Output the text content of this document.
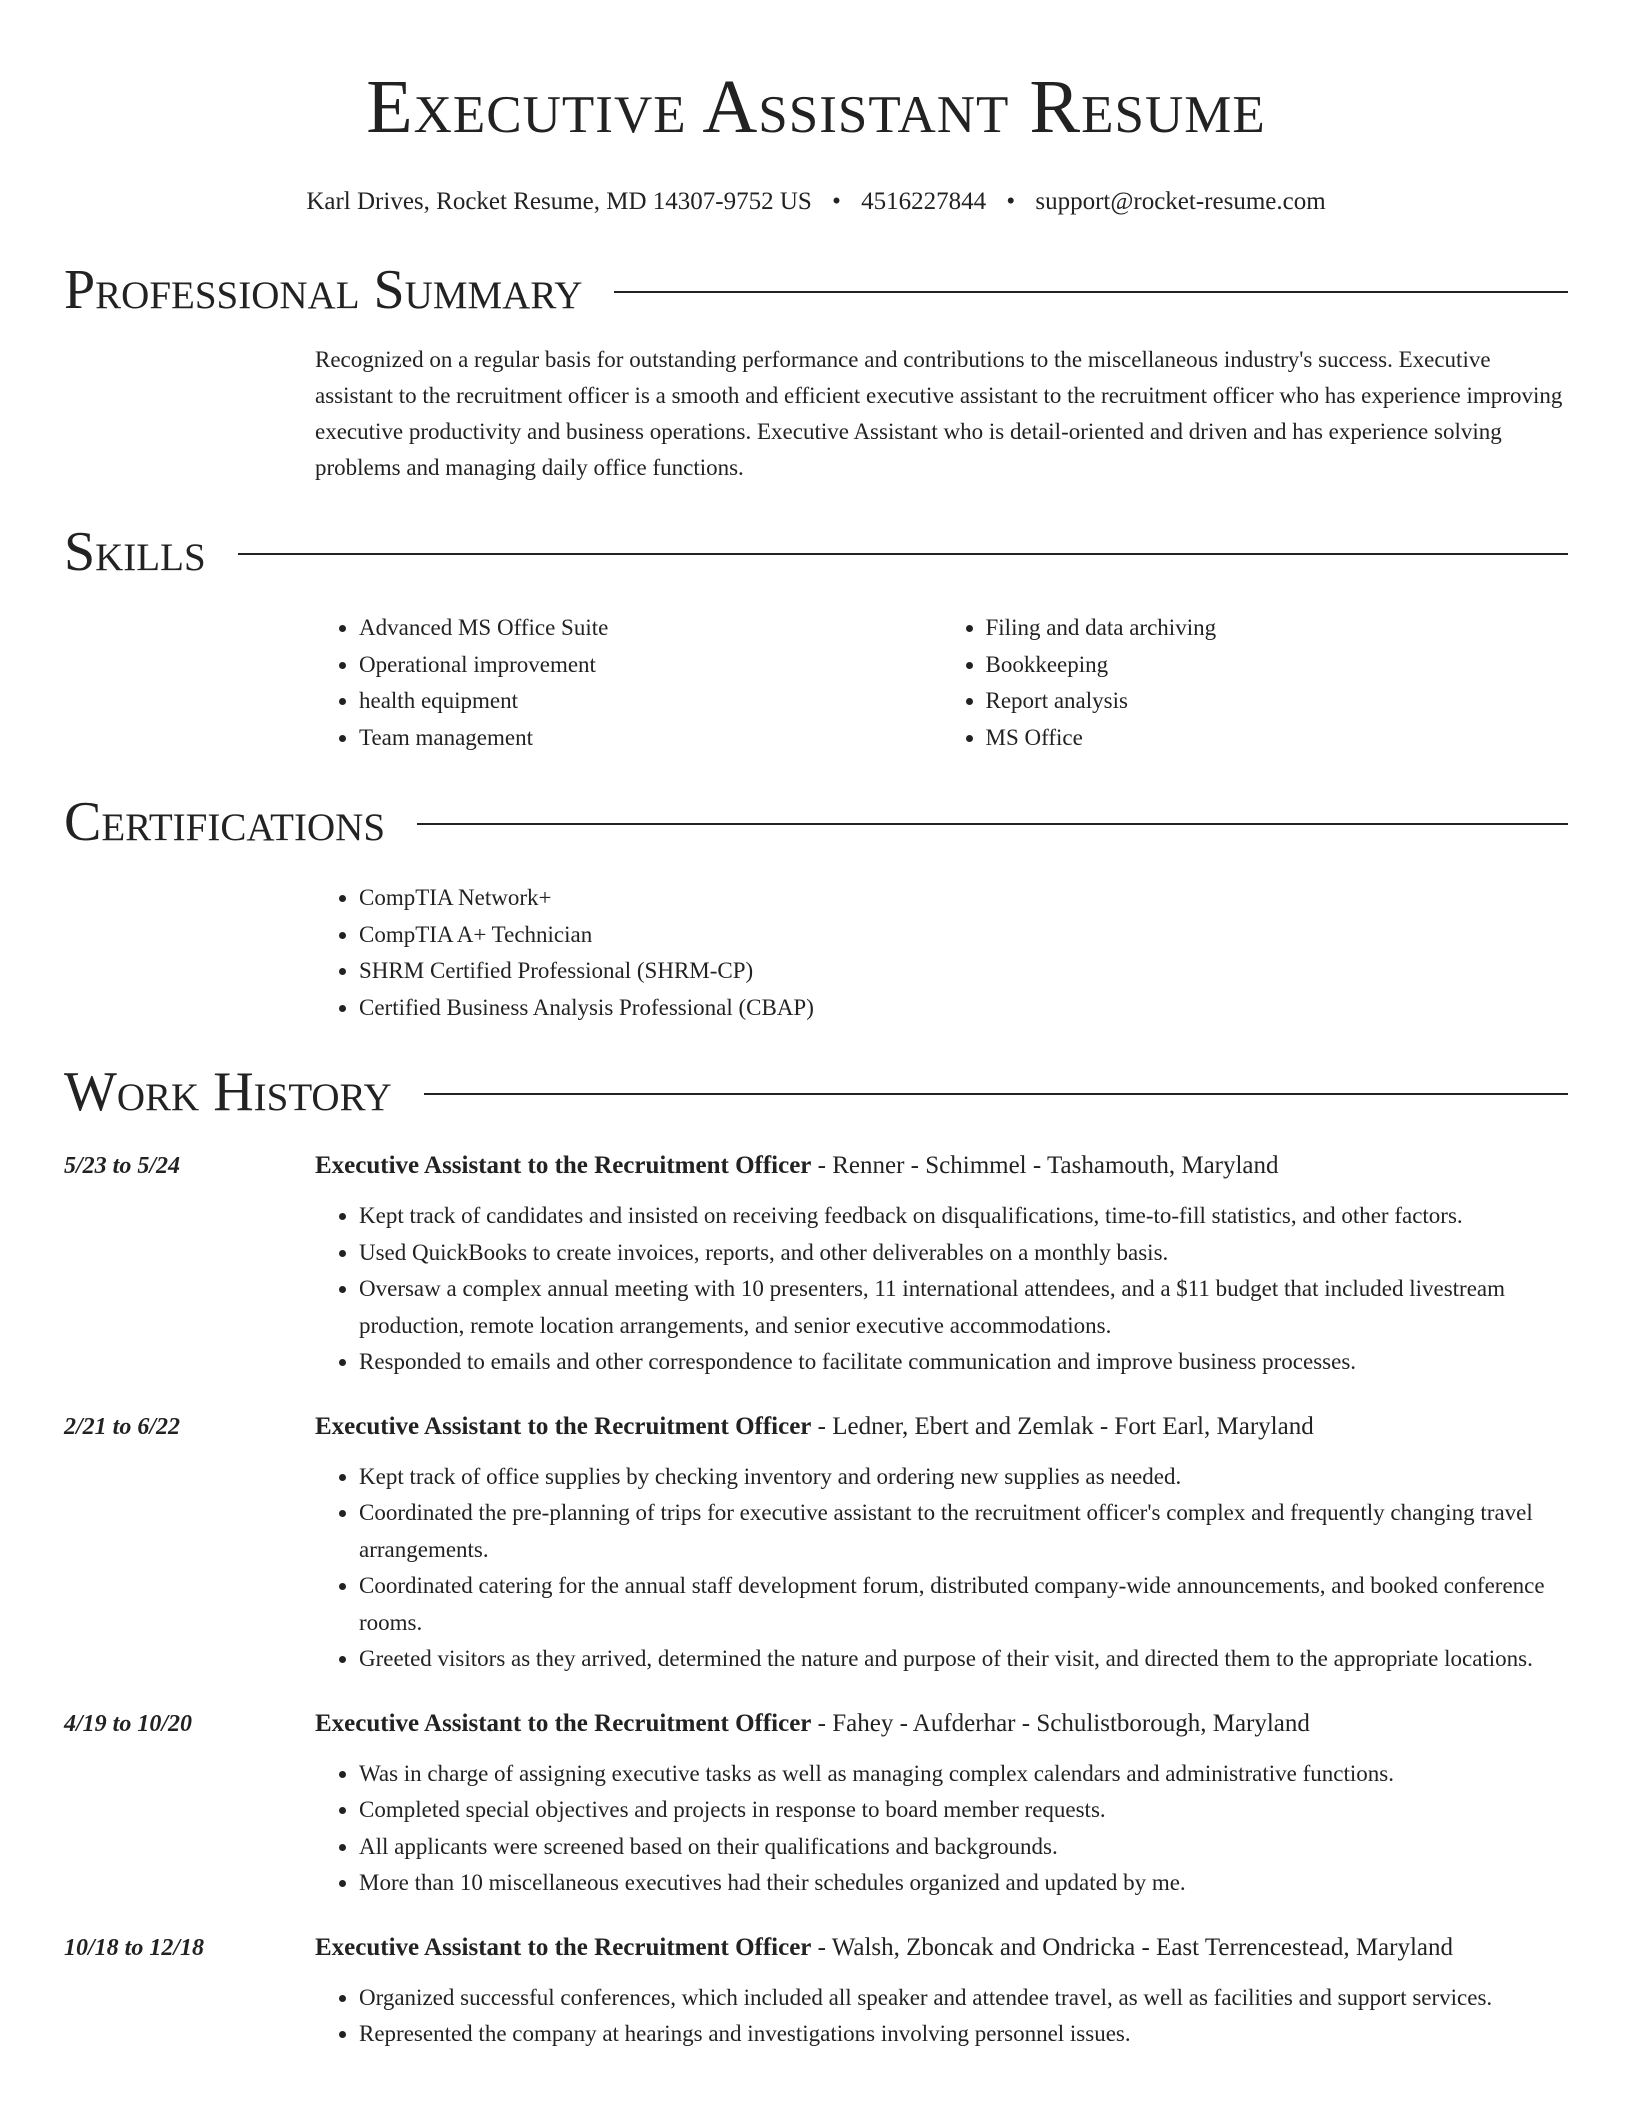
Executive Assistant Resume
Karl Drives, Rocket Resume, MD 14307-9752 US • 4516227844 • support@rocket-resume.com
Professional Summary

Recognized on a regular basis for outstanding performance and contributions to the miscellaneous industry's success. Executive assistant to the recruitment officer is a smooth and efficient executive assistant to the recruitment officer who has experience improving executive productivity and business operations. Executive Assistant who is detail-oriented and driven and has experience solving problems and managing daily office functions.

Skills
• Advanced MS Office Suite
• Operational improvement
• health equipment
• Team management
• Filing and data archiving
• Bookkeeping
• Report analysis
• MS Office
Certifications
• CompTIA Network+
• CompTIA A+ Technician
• SHRM Certified Professional (SHRM-CP)
• Certified Business Analysis Professional (CBAP)
Work History
5/23 to 5/24	Executive Assistant to the Recruitment Officer - Renner - Schimmel - Tashamouth, Maryland
• Kept track of candidates and insisted on receiving feedback on disqualifications, time-to-fill statistics, and other factors.
• Used QuickBooks to create invoices, reports, and other deliverables on a monthly basis.
• Oversaw a complex annual meeting with 10 presenters, 11 international attendees, and a $11 budget that included livestream production, remote location arrangements, and senior executive accommodations.
• Responded to emails and other correspondence to facilitate communication and improve business processes.
2/21 to 6/22	Executive Assistant to the Recruitment Officer - Ledner, Ebert and Zemlak - Fort Earl, Maryland
• Kept track of office supplies by checking inventory and ordering new supplies as needed.
• Coordinated the pre-planning of trips for executive assistant to the recruitment officer's complex and frequently changing travel arrangements.
• Coordinated catering for the annual staff development forum, distributed company-wide announcements, and booked conference rooms.
• Greeted visitors as they arrived, determined the nature and purpose of their visit, and directed them to the appropriate locations.
4/19 to 10/20	Executive Assistant to the Recruitment Officer - Fahey - Aufderhar - Schulistborough, Maryland
• Was in charge of assigning executive tasks as well as managing complex calendars and administrative functions.
• Completed special objectives and projects in response to board member requests.
• All applicants were screened based on their qualifications and backgrounds.
• More than 10 miscellaneous executives had their schedules organized and updated by me.
10/18 to 12/18	Executive Assistant to the Recruitment Officer - Walsh, Zboncak and Ondricka - East Terrencestead, Maryland
• Organized successful conferences, which included all speaker and attendee travel, as well as facilities and support services.
• Represented the company at hearings and investigations involving personnel issues.
